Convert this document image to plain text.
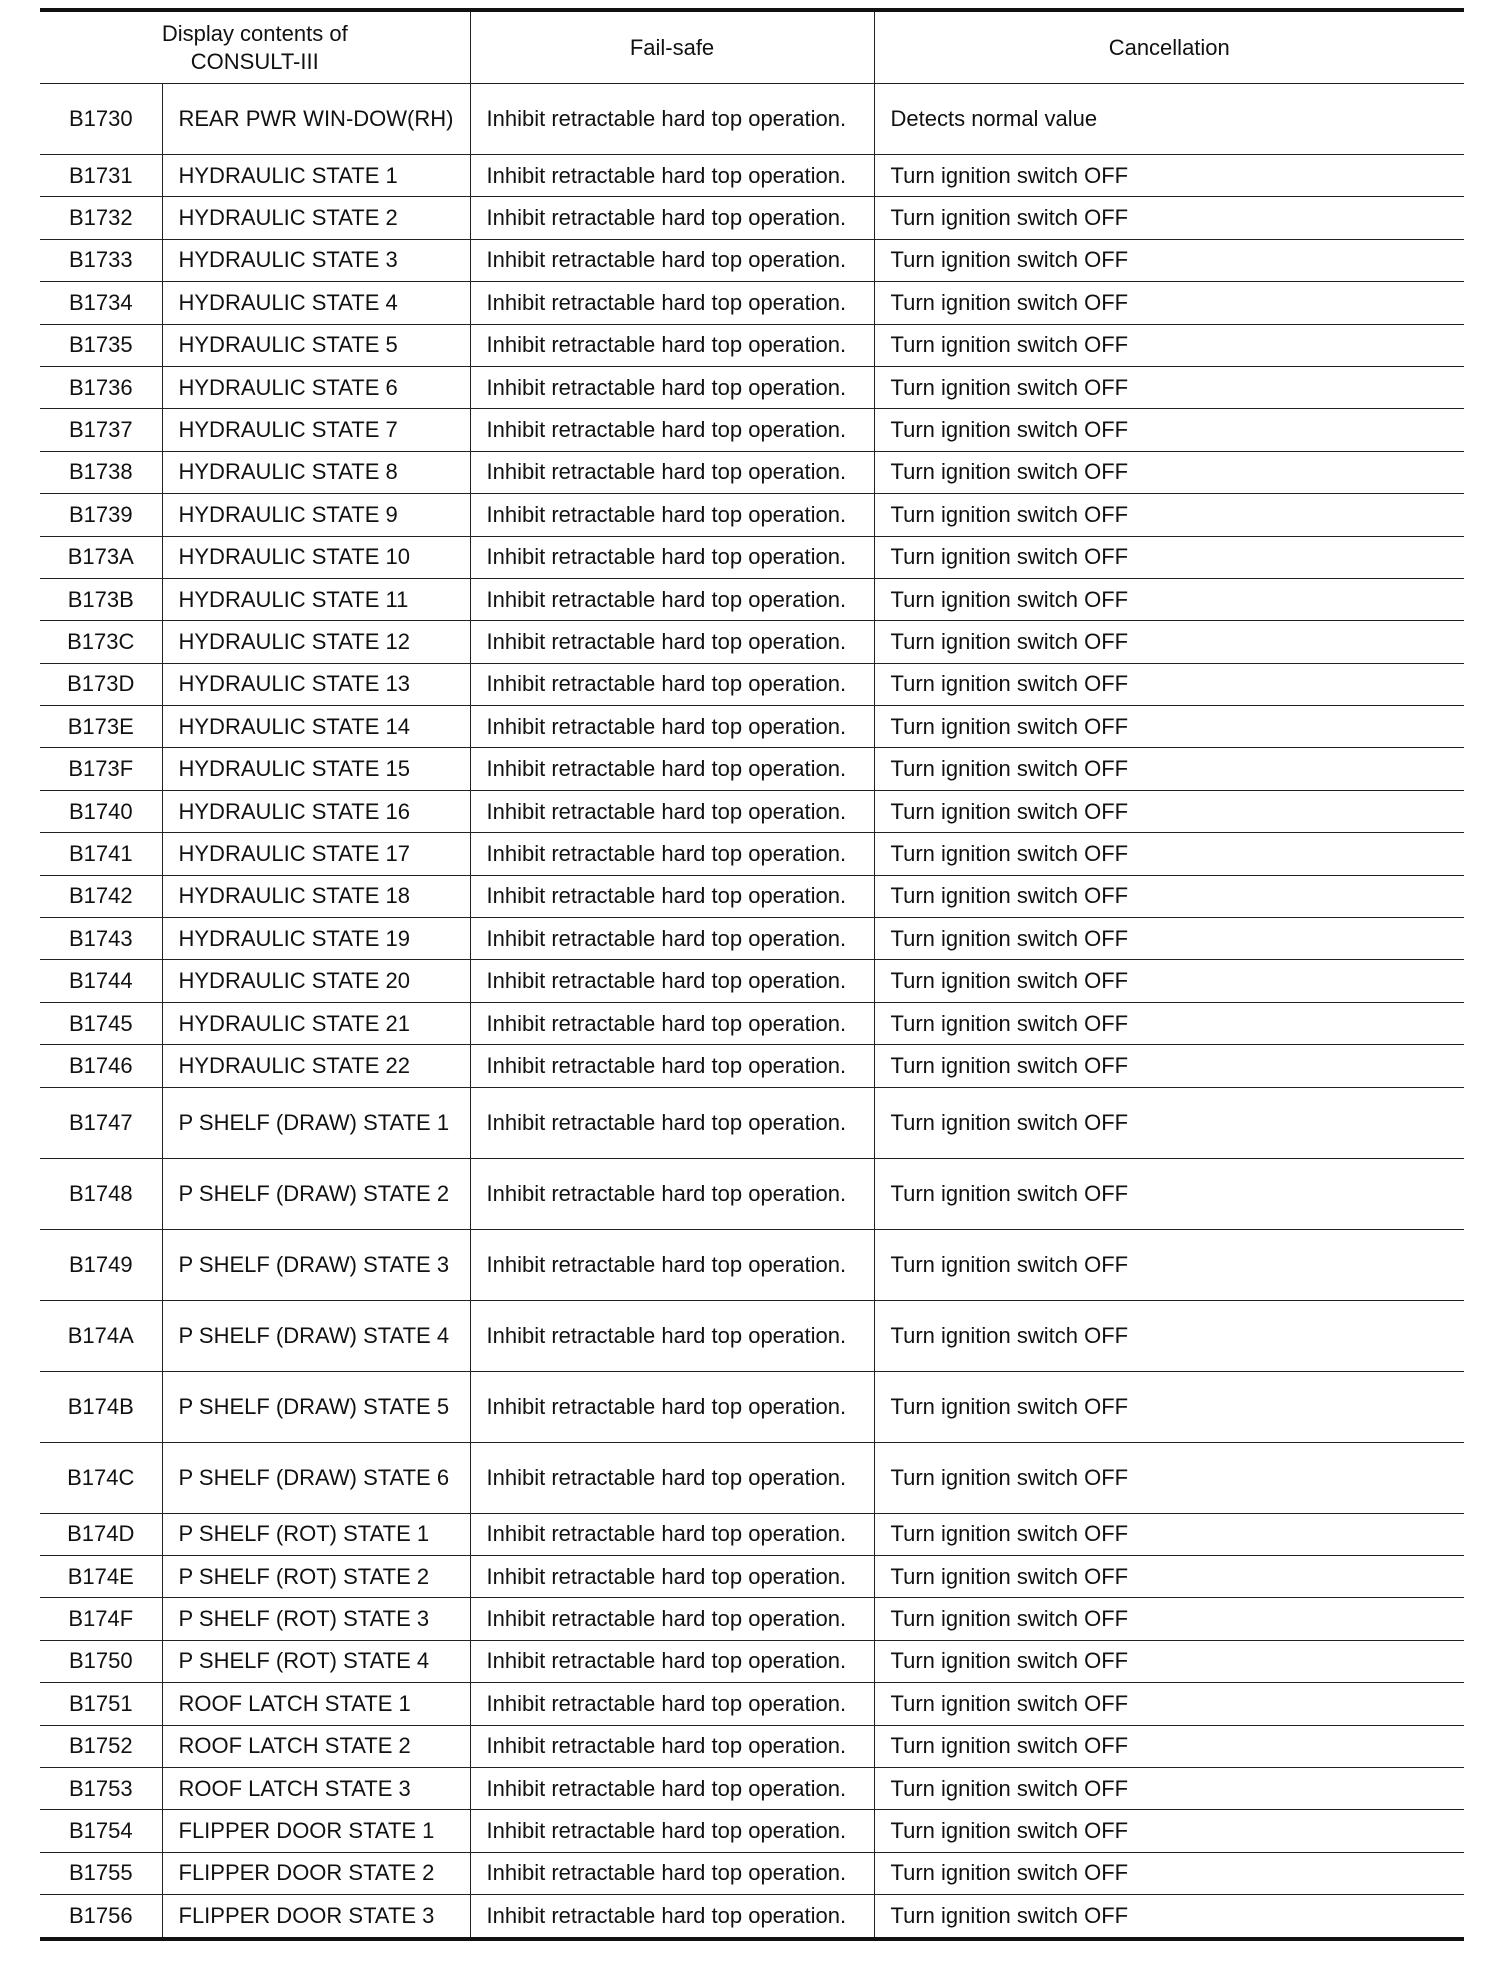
Display contents of
CONSULT-III		Fail-safe	Cancellation
B1730	REAR PWR WIN-DOW(RH)	Inhibit retractable hard top operation.	Detects normal value
B1731	HYDRAULIC STATE 1	Inhibit retractable hard top operation.	Turn ignition switch OFF
B1732	HYDRAULIC STATE 2	Inhibit retractable hard top operation.	Turn ignition switch OFF
B1733	HYDRAULIC STATE 3	Inhibit retractable hard top operation.	Turn ignition switch OFF
B1734	HYDRAULIC STATE 4	Inhibit retractable hard top operation.	Turn ignition switch OFF
B1735	HYDRAULIC STATE 5	Inhibit retractable hard top operation.	Turn ignition switch OFF
B1736	HYDRAULIC STATE 6	Inhibit retractable hard top operation.	Turn ignition switch OFF
B1737	HYDRAULIC STATE 7	Inhibit retractable hard top operation.	Turn ignition switch OFF
B1738	HYDRAULIC STATE 8	Inhibit retractable hard top operation.	Turn ignition switch OFF
B1739	HYDRAULIC STATE 9	Inhibit retractable hard top operation.	Turn ignition switch OFF
B173A	HYDRAULIC STATE 10	Inhibit retractable hard top operation.	Turn ignition switch OFF
B173B	HYDRAULIC STATE 11	Inhibit retractable hard top operation.	Turn ignition switch OFF
B173C	HYDRAULIC STATE 12	Inhibit retractable hard top operation.	Turn ignition switch OFF
B173D	HYDRAULIC STATE 13	Inhibit retractable hard top operation.	Turn ignition switch OFF
B173E	HYDRAULIC STATE 14	Inhibit retractable hard top operation.	Turn ignition switch OFF
B173F	HYDRAULIC STATE 15	Inhibit retractable hard top operation.	Turn ignition switch OFF
B1740	HYDRAULIC STATE 16	Inhibit retractable hard top operation.	Turn ignition switch OFF
B1741	HYDRAULIC STATE 17	Inhibit retractable hard top operation.	Turn ignition switch OFF
B1742	HYDRAULIC STATE 18	Inhibit retractable hard top operation.	Turn ignition switch OFF
B1743	HYDRAULIC STATE 19	Inhibit retractable hard top operation.	Turn ignition switch OFF
B1744	HYDRAULIC STATE 20	Inhibit retractable hard top operation.	Turn ignition switch OFF
B1745	HYDRAULIC STATE 21	Inhibit retractable hard top operation.	Turn ignition switch OFF
B1746	HYDRAULIC STATE 22	Inhibit retractable hard top operation.	Turn ignition switch OFF
B1747	P SHELF (DRAW) STATE 1	Inhibit retractable hard top operation.	Turn ignition switch OFF
B1748	P SHELF (DRAW) STATE 2	Inhibit retractable hard top operation.	Turn ignition switch OFF
B1749	P SHELF (DRAW) STATE 3	Inhibit retractable hard top operation.	Turn ignition switch OFF
B174A	P SHELF (DRAW) STATE 4	Inhibit retractable hard top operation.	Turn ignition switch OFF
B174B	P SHELF (DRAW) STATE 5	Inhibit retractable hard top operation.	Turn ignition switch OFF
B174C	P SHELF (DRAW) STATE 6	Inhibit retractable hard top operation.	Turn ignition switch OFF
B174D	P SHELF (ROT) STATE 1	Inhibit retractable hard top operation.	Turn ignition switch OFF
B174E	P SHELF (ROT) STATE 2	Inhibit retractable hard top operation.	Turn ignition switch OFF
B174F	P SHELF (ROT) STATE 3	Inhibit retractable hard top operation.	Turn ignition switch OFF
B1750	P SHELF (ROT) STATE 4	Inhibit retractable hard top operation.	Turn ignition switch OFF
B1751	ROOF LATCH STATE 1	Inhibit retractable hard top operation.	Turn ignition switch OFF
B1752	ROOF LATCH STATE 2	Inhibit retractable hard top operation.	Turn ignition switch OFF
B1753	ROOF LATCH STATE 3	Inhibit retractable hard top operation.	Turn ignition switch OFF
B1754	FLIPPER DOOR STATE 1	Inhibit retractable hard top operation.	Turn ignition switch OFF
B1755	FLIPPER DOOR STATE 2	Inhibit retractable hard top operation.	Turn ignition switch OFF
B1756	FLIPPER DOOR STATE 3	Inhibit retractable hard top operation.	Turn ignition switch OFF
